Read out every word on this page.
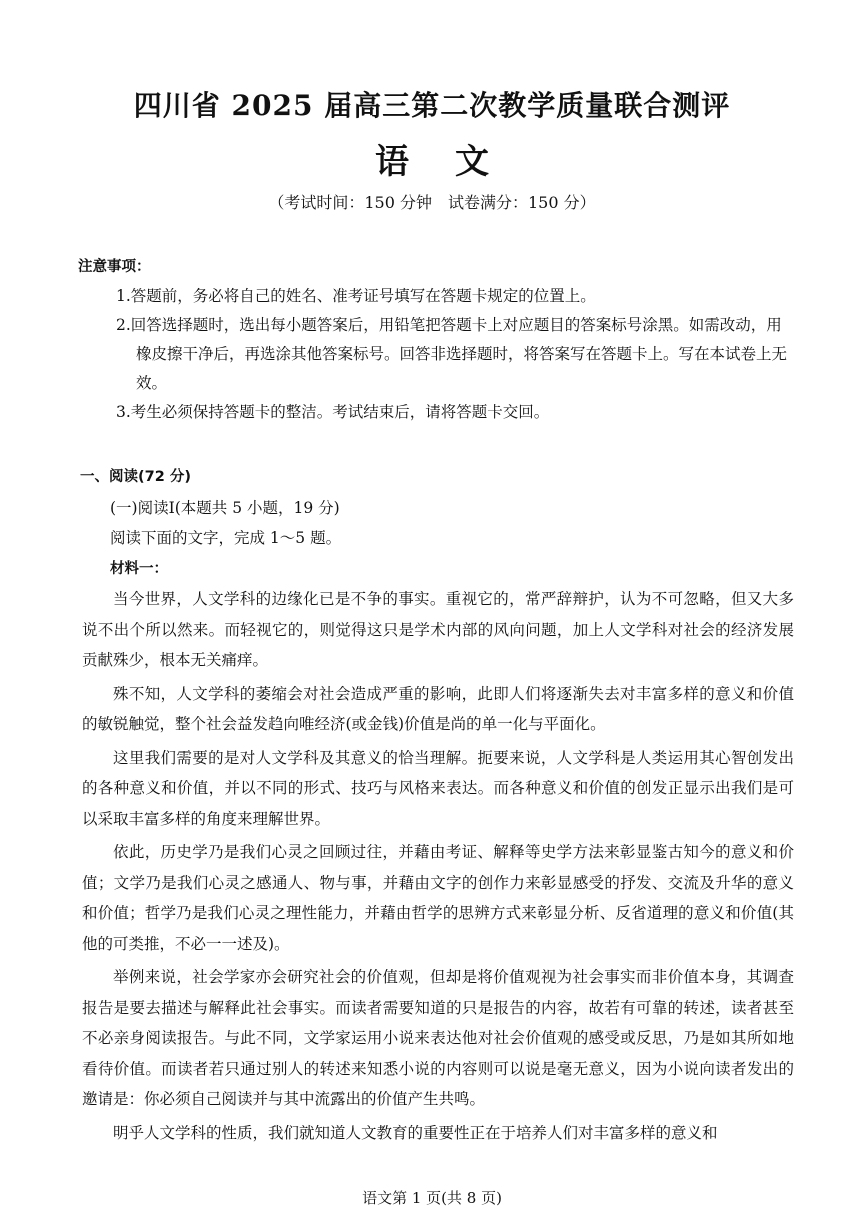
四川省 2025 届高三第二次教学质量联合测评
语文
（考试时间：150 分钟　试卷满分：150 分）
注意事项：
1.答题前，务必将自己的姓名、准考证号填写在答题卡规定的位置上。
2.回答选择题时，选出每小题答案后，用铅笔把答题卡上对应题目的答案标号涂黑。如需改动，用橡皮擦干净后，再选涂其他答案标号。回答非选择题时，将答案写在答题卡上。写在本试卷上无效。
3.考生必须保持答题卡的整洁。考试结束后，请将答题卡交回。
一、阅读(72 分)
(一)阅读Ⅰ(本题共 5 小题，19 分)
阅读下面的文字，完成 1～5 题。
材料一：

当今世界，人文学科的边缘化已是不争的事实。重视它的，常严辞辩护，认为不可忽略，但又大多说不出个所以然来。而轻视它的，则觉得这只是学术内部的风向问题，加上人文学科对社会的经济发展贡献殊少，根本无关痛痒。

殊不知，人文学科的萎缩会对社会造成严重的影响，此即人们将逐渐失去对丰富多样的意义和价值的敏锐触觉，整个社会益发趋向唯经济(或金钱)价值是尚的单一化与平面化。

这里我们需要的是对人文学科及其意义的恰当理解。扼要来说，人文学科是人类运用其心智创发出的各种意义和价值，并以不同的形式、技巧与风格来表达。而各种意义和价值的创发正显示出我们是可以采取丰富多样的角度来理解世界。

依此，历史学乃是我们心灵之回顾过往，并藉由考证、解释等史学方法来彰显鉴古知今的意义和价值；文学乃是我们心灵之感通人、物与事，并藉由文字的创作力来彰显感受的抒发、交流及升华的意义和价值；哲学乃是我们心灵之理性能力，并藉由哲学的思辨方式来彰显分析、反省道理的意义和价值(其他的可类推，不必一一述及)。

举例来说，社会学家亦会研究社会的价值观，但却是将价值观视为社会事实而非价值本身，其调查报告是要去描述与解释此社会事实。而读者需要知道的只是报告的内容，故若有可靠的转述，读者甚至不必亲身阅读报告。与此不同，文学家运用小说来表达他对社会价值观的感受或反思，乃是如其所如地看待价值。而读者若只通过别人的转述来知悉小说的内容则可以说是毫无意义，因为小说向读者发出的邀请是：你必须自己阅读并与其中流露出的价值产生共鸣。

明乎人文学科的性质，我们就知道人文教育的重要性正在于培养人们对丰富多样的意义和

语文第 1 页(共 8 页)
